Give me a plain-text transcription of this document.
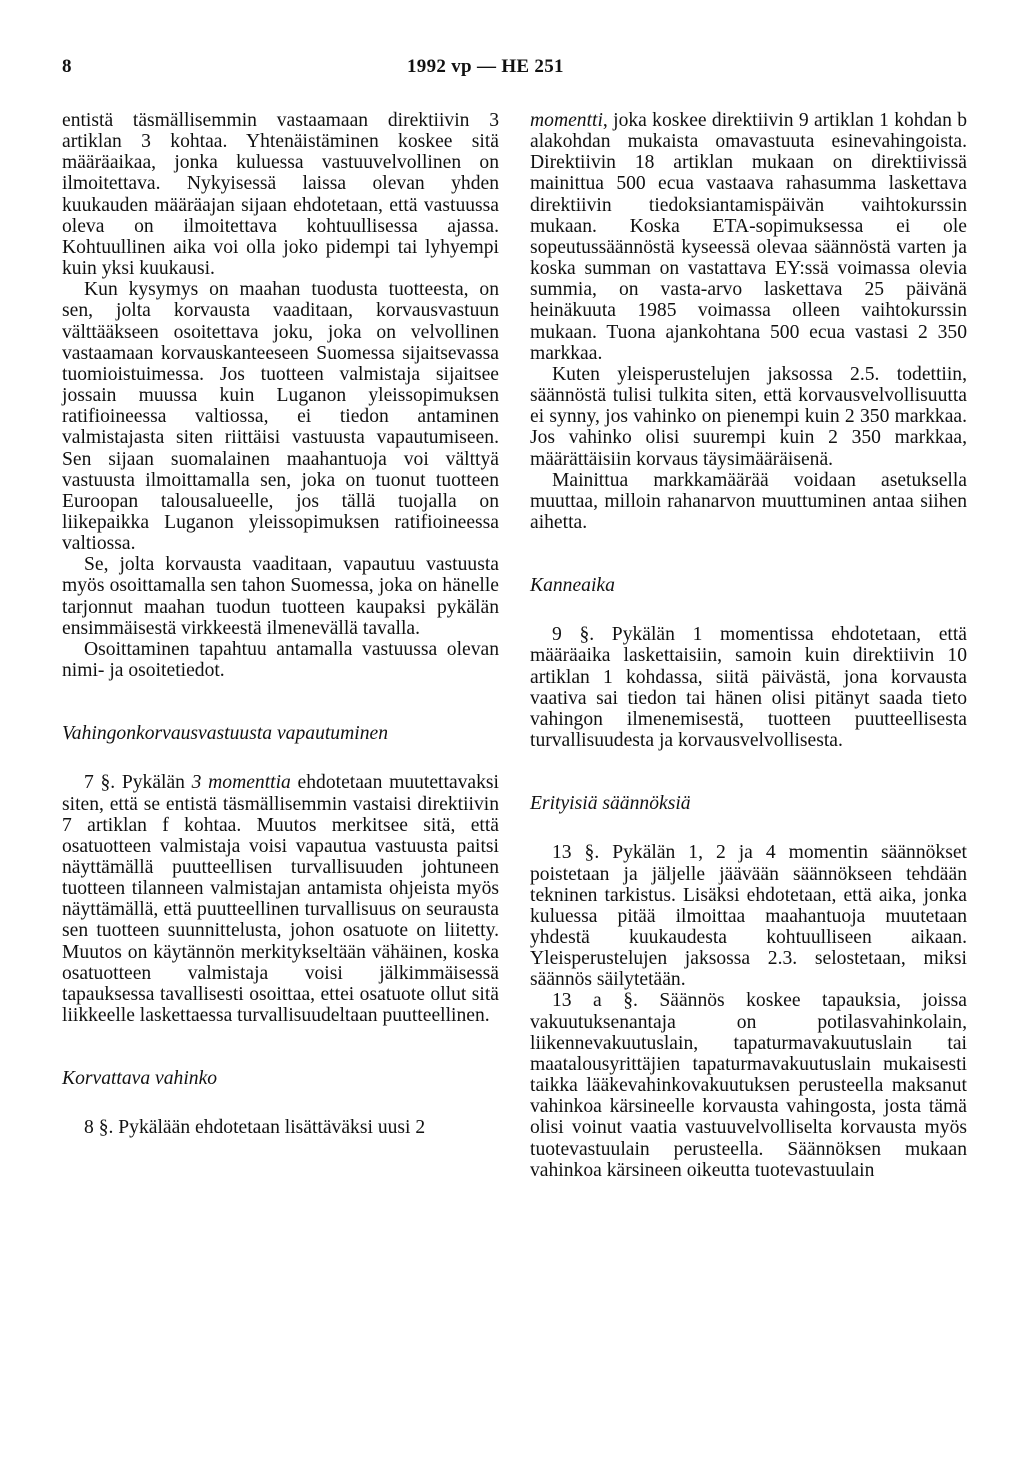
8	1992 vp — HE 251

entistä täsmällisemmin vastaamaan direktiivin 3 artiklan 3 kohtaa. Yhtenäistäminen koskee sitä määräaikaa, jonka kuluessa vastuuvelvollinen on ilmoitettava. Nykyisessä laissa olevan yhden kuukauden määräajan sijaan ehdotetaan, että vastuussa oleva on ilmoitettava kohtuullisessa ajassa. Kohtuullinen aika voi olla joko pidempi tai lyhyempi kuin yksi kuukausi.

Kun kysymys on maahan tuodusta tuotteesta, on sen, jolta korvausta vaaditaan, korvausvastuun välttääkseen osoitettava joku, joka on velvollinen vastaamaan korvauskanteeseen Suomessa sijaitsevassa tuomioistuimessa. Jos tuotteen valmistaja sijaitsee jossain muussa kuin Luganon yleissopimuksen ratifioineessa valtiossa, ei tiedon antaminen valmistajasta siten riittäisi vastuusta vapautumiseen. Sen sijaan suomalainen maahantuoja voi välttyä vastuusta ilmoittamalla sen, joka on tuonut tuotteen Euroopan talousalueelle, jos tällä tuojalla on liikepaikka Luganon yleissopimuksen ratifioineessa valtiossa.

Se, jolta korvausta vaaditaan, vapautuu vastuusta myös osoittamalla sen tahon Suomessa, joka on hänelle tarjonnut maahan tuodun tuotteen kaupaksi pykälän ensimmäisestä virkkeestä ilmenevällä tavalla.

Osoittaminen tapahtuu antamalla vastuussa olevan nimi- ja osoitetiedot.

Vahingonkorvausvastuusta vapautuminen

7 §. Pykälän 3 momenttia ehdotetaan muutettavaksi siten, että se entistä täsmällisemmin vastaisi direktiivin 7 artiklan f kohtaa. Muutos merkitsee sitä, että osatuotteen valmistaja voisi vapautua vastuusta paitsi näyttämällä puutteellisen turvallisuuden johtuneen tuotteen tilanneen valmistajan antamista ohjeista myös näyttämällä, että puutteellinen turvallisuus on seurausta sen tuotteen suunnittelusta, johon osatuote on liitetty. Muutos on käytännön merkitykseltään vähäinen, koska osatuotteen valmistaja voisi jälkimmäisessä tapauksessa tavallisesti osoittaa, ettei osatuote ollut sitä liikkeelle laskettaessa turvallisuudeltaan puutteellinen.

Korvattava vahinko

8 §. Pykälään ehdotetaan lisättäväksi uusi 2

momentti, joka koskee direktiivin 9 artiklan 1 kohdan b alakohdan mukaista omavastuuta esinevahingoista. Direktiivin 18 artiklan mukaan on direktiivissä mainittua 500 ecua vastaava rahasumma laskettava direktiivin tiedoksiantamispäivän vaihtokurssin mukaan. Koska ETA-sopimuksessa ei ole sopeutussäännöstä kyseessä olevaa säännöstä varten ja koska summan on vastattava EY:ssä voimassa olevia summia, on vasta-arvo laskettava 25 päivänä heinäkuuta 1985 voimassa olleen vaihtokurssin mukaan. Tuona ajankohtana 500 ecua vastasi 2 350 markkaa.

Kuten yleisperustelujen jaksossa 2.5. todettiin, säännöstä tulisi tulkita siten, että korvausvelvollisuutta ei synny, jos vahinko on pienempi kuin 2 350 markkaa. Jos vahinko olisi suurempi kuin 2 350 markkaa, määrättäisiin korvaus täysimääräisenä.

Mainittua markkamäärää voidaan asetuksella muuttaa, milloin rahanarvon muuttuminen antaa siihen aihetta.

Kanneaika

9 §. Pykälän 1 momentissa ehdotetaan, että määräaika laskettaisiin, samoin kuin direktiivin 10 artiklan 1 kohdassa, siitä päivästä, jona korvausta vaativa sai tiedon tai hänen olisi pitänyt saada tieto vahingon ilmenemisestä, tuotteen puutteellisesta turvallisuudesta ja korvausvelvollisesta.

Erityisiä säännöksiä

13 §. Pykälän 1, 2 ja 4 momentin säännökset poistetaan ja jäljelle jäävään säännökseen tehdään tekninen tarkistus. Lisäksi ehdotetaan, että aika, jonka kuluessa pitää ilmoittaa maahantuoja muutetaan yhdestä kuukaudesta kohtuulliseen aikaan. Yleisperustelujen jaksossa 2.3. selostetaan, miksi säännös säilytetään.

13 a §. Säännös koskee tapauksia, joissa vakuutuksenantaja on potilasvahinkolain, liikennevakuutuslain, tapaturmavakuutuslain tai maatalousyrittäjien tapaturmavakuutuslain mukaisesti taikka lääkevahinkovakuutuksen perusteella maksanut vahinkoa kärsineelle korvausta vahingosta, josta tämä olisi voinut vaatia vastuuvelvolliselta korvausta myös tuotevastuulain perusteella. Säännöksen mukaan vahinkoa kärsineen oikeutta tuotevastuulain
